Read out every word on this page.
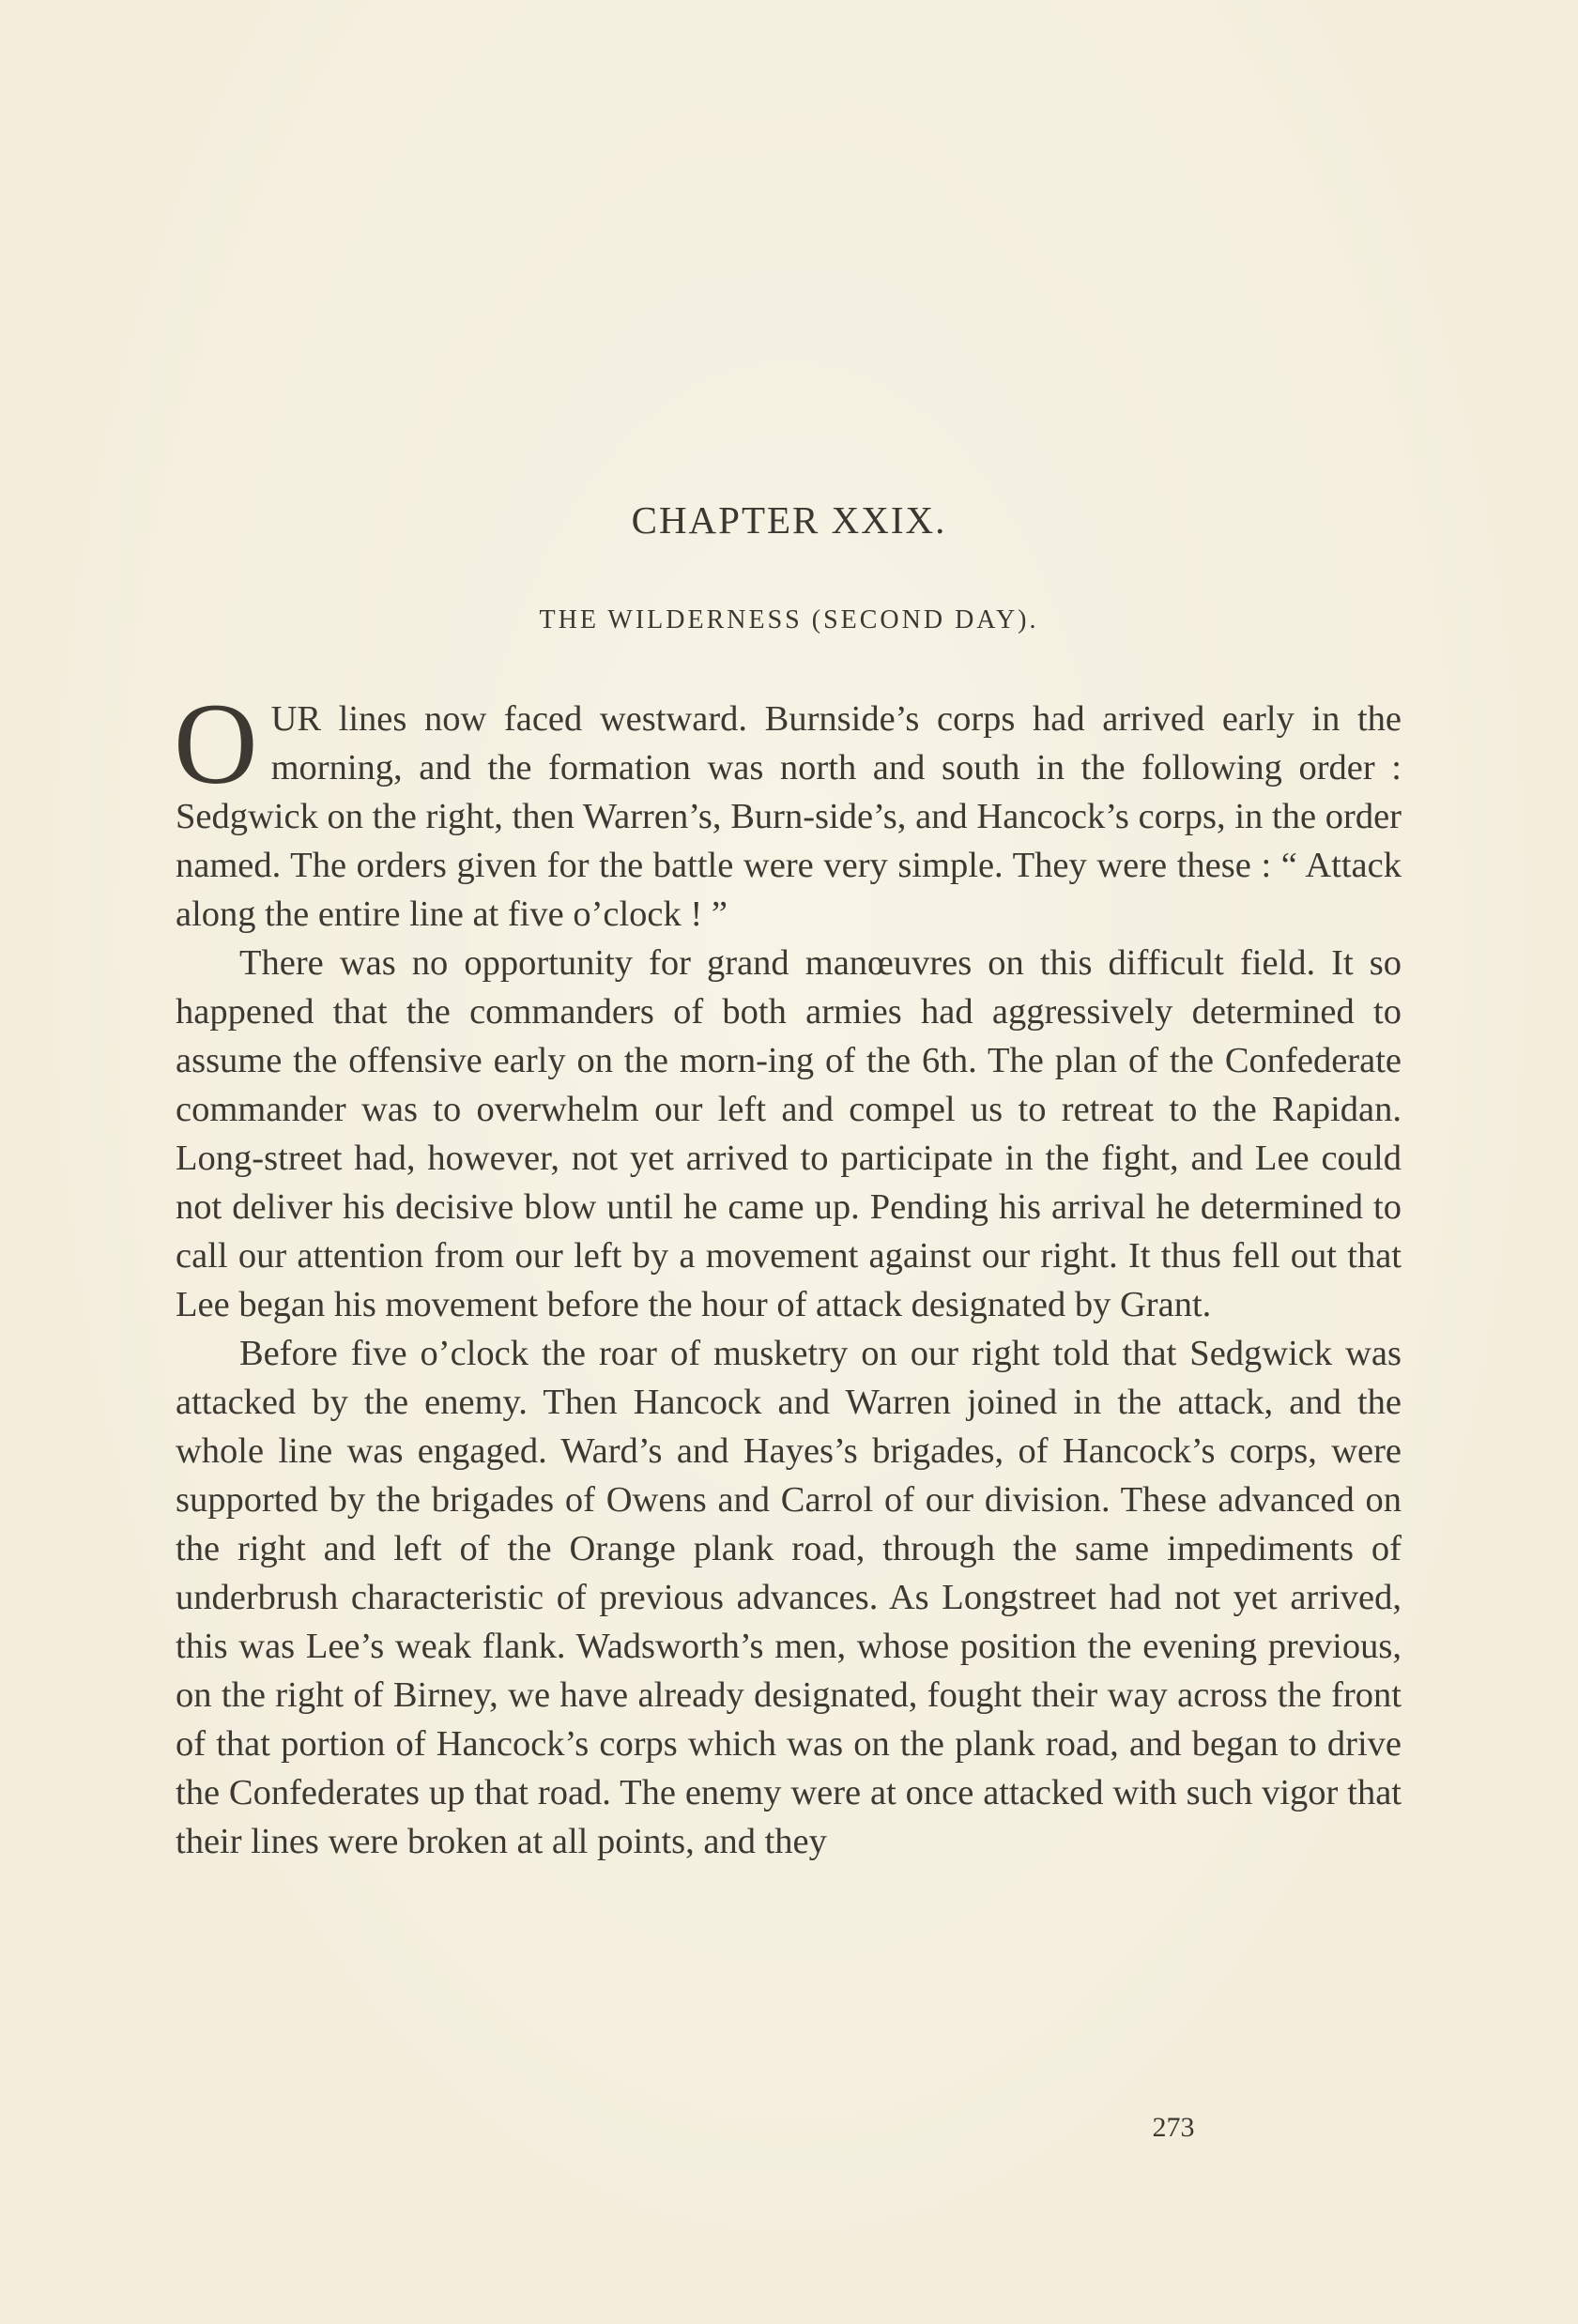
CHAPTER XXIX.
THE WILDERNESS (SECOND DAY).

OUR lines now faced westward. Burnside’s corps had arrived early in the morning, and the formation was north and south in the following order : Sedgwick on the right, then Warren’s, Burn-side’s, and Hancock’s corps, in the order named. The orders given for the battle were very simple. They were these : “ Attack along the entire line at five o’clock ! ”

There was no opportunity for grand manœuvres on this difficult field. It so happened that the commanders of both armies had aggressively determined to assume the offensive early on the morn-ing of the 6th. The plan of the Confederate commander was to overwhelm our left and compel us to retreat to the Rapidan. Long-street had, however, not yet arrived to participate in the fight, and Lee could not deliver his decisive blow until he came up. Pending his arrival he determined to call our attention from our left by a movement against our right. It thus fell out that Lee began his movement before the hour of attack designated by Grant.

Before five o’clock the roar of musketry on our right told that Sedgwick was attacked by the enemy. Then Hancock and Warren joined in the attack, and the whole line was engaged. Ward’s and Hayes’s brigades, of Hancock’s corps, were supported by the brigades of Owens and Carrol of our division. These advanced on the right and left of the Orange plank road, through the same impediments of underbrush characteristic of previous advances. As Longstreet had not yet arrived, this was Lee’s weak flank. Wadsworth’s men, whose position the evening previous, on the right of Birney, we have already designated, fought their way across the front of that portion of Hancock’s corps which was on the plank road, and began to drive the Confederates up that road. The enemy were at once attacked with such vigor that their lines were broken at all points, and they

273
